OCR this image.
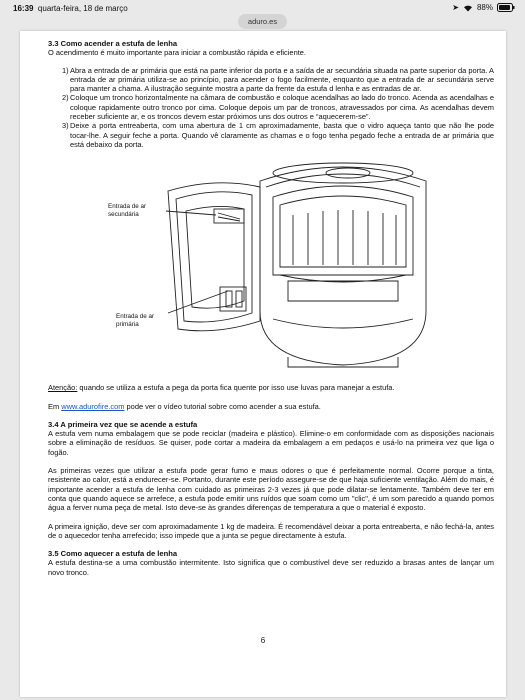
16:39 quarta-feira, 18 de março	➤ 88%
aduro.es
3.3 Como acender a estufa de lenha

O acendimento é muito importante para iniciar a combustão rápida e eficiente.

1) Abra a entrada de ar primária que está na parte inferior da porta e a saída de ar secundária situada na parte superior da porta. A entrada de ar primária utiliza-se ao princípio, para acender o fogo facilmente, enquanto que a entrada de ar secundária serve para manter a chama. A ilustração seguinte mostra a parte da frente da estufa d lenha e as entradas de ar.
2) Coloque um tronco horizontalmente na câmara de combustão e coloque acendalhas ao lado do tronco. Acenda as acendalhas e coloque rapidamente outro tronco por cima. Coloque depois um par de troncos, atravessados por cima. As acendalhas devem receber suficiente ar, e os troncos devem estar próximos uns dos outros e “aquecerem-se”.
3) Deixe a porta entreaberta, com uma abertura de 1 cm aproximadamente, basta que o vidro aqueça tanto que não lhe pode tocar-lhe. A seguir feche a porta. Quando vê claramente as chamas e o fogo tenha pegado feche a entrada de ar primária que está debaixo da porta.
Entrada de ar secundária
Entrada de ar primária

Atenção: quando se utiliza a estufa a pega da porta fica quente por isso use luvas para manejar a estufa.

Em www.adurofire.com pode ver o vídeo tutorial sobre como acender a sua estufa.

3.4 A primeira vez que se acende a estufa

A estufa vem numa embalagem que se pode reciclar (madeira e plástico). Elimine-o em conformidade com as disposições nacionais sobre a eliminação de resíduos. Se quiser, pode cortar a madeira da embalagem a em pedaços e usá-lo na primeira vez que liga o fogão.

As primeiras vezes que utilizar a estufa pode gerar fumo e maus odores o que é perfeitamente normal. Ocorre porque a tinta, resistente ao calor, está a endurecer-se. Portanto, durante este período assegure-se de que haja suficiente ventilação. Além do mais, é importante acender a estufa de lenha com cuidado as primeiras 2-3 vezes já que pode dilatar-se lentamente. Também deve ter em conta que quando aquece se arrefece, a estufa pode emitir uns ruídos que soam como um "clic", é um som parecido a quando pomos água a ferver numa peça de metal. Isto deve-se às grandes diferenças de temperatura a que o material é exposto.

A primeira ignição, deve ser com aproximadamente 1 kg de madeira. É recomendável deixar a porta entreaberta, e não fechá-la, antes de o aquecedor tenha arrefecido; isso impede que a junta se pegue directamente à estufa.

3.5 Como aquecer a estufa de lenha

A estufa destina-se a uma combustão intermitente. Isto significa que o combustível deve ser reduzido a brasas antes de lançar um novo tronco.

6
